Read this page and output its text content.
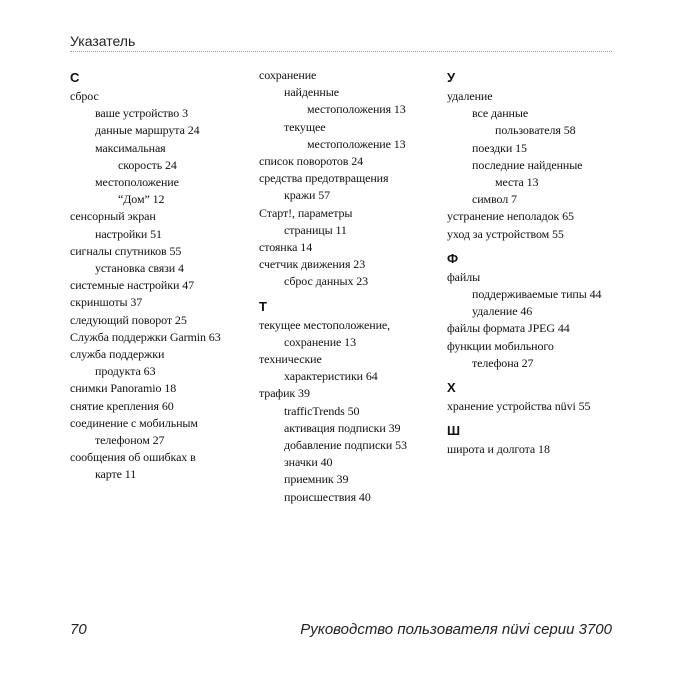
Указатель
С
сброс
ваше устройство 3
данные маршрута 24
максимальная
скорость 24
местоположение
“Дом” 12
сенсорный экран
настройки 51
сигналы спутников 55
установка связи 4
системные настройки 47
скриншоты 37
следующий поворот 25
Служба поддержки Garmin 63
служба поддержки
продукта 63
снимки Panoramio 18
снятие крепления 60
соединение с мобильным
телефоном 27
сообщения об ошибках в
карте 11
сохранение
найденные
местоположения 13
текущее
местоположение 13
список поворотов 24
средства предотвращения
кражи 57
Старт!, параметры
страницы 11
стоянка 14
счетчик движения 23
сброс данных 23
Т
текущее местоположение,
сохранение 13
технические
характеристики 64
трафик 39
trafficTrends 50
активация подписки 39
добавление подписки 53
значки 40
приемник 39
происшествия 40
У
удаление
все данные
пользователя 58
поездки 15
последние найденные
места 13
символ 7
устранение неполадок 65
уход за устройством 55
Ф
файлы
поддерживаемые типы 44
удаление 46
файлы формата JPEG 44
функции мобильного
телефона 27
Х
хранение устройства nüvi 55
Ш
широта и долгота 18
70	Руководство пользователя nüvi серии 3700
